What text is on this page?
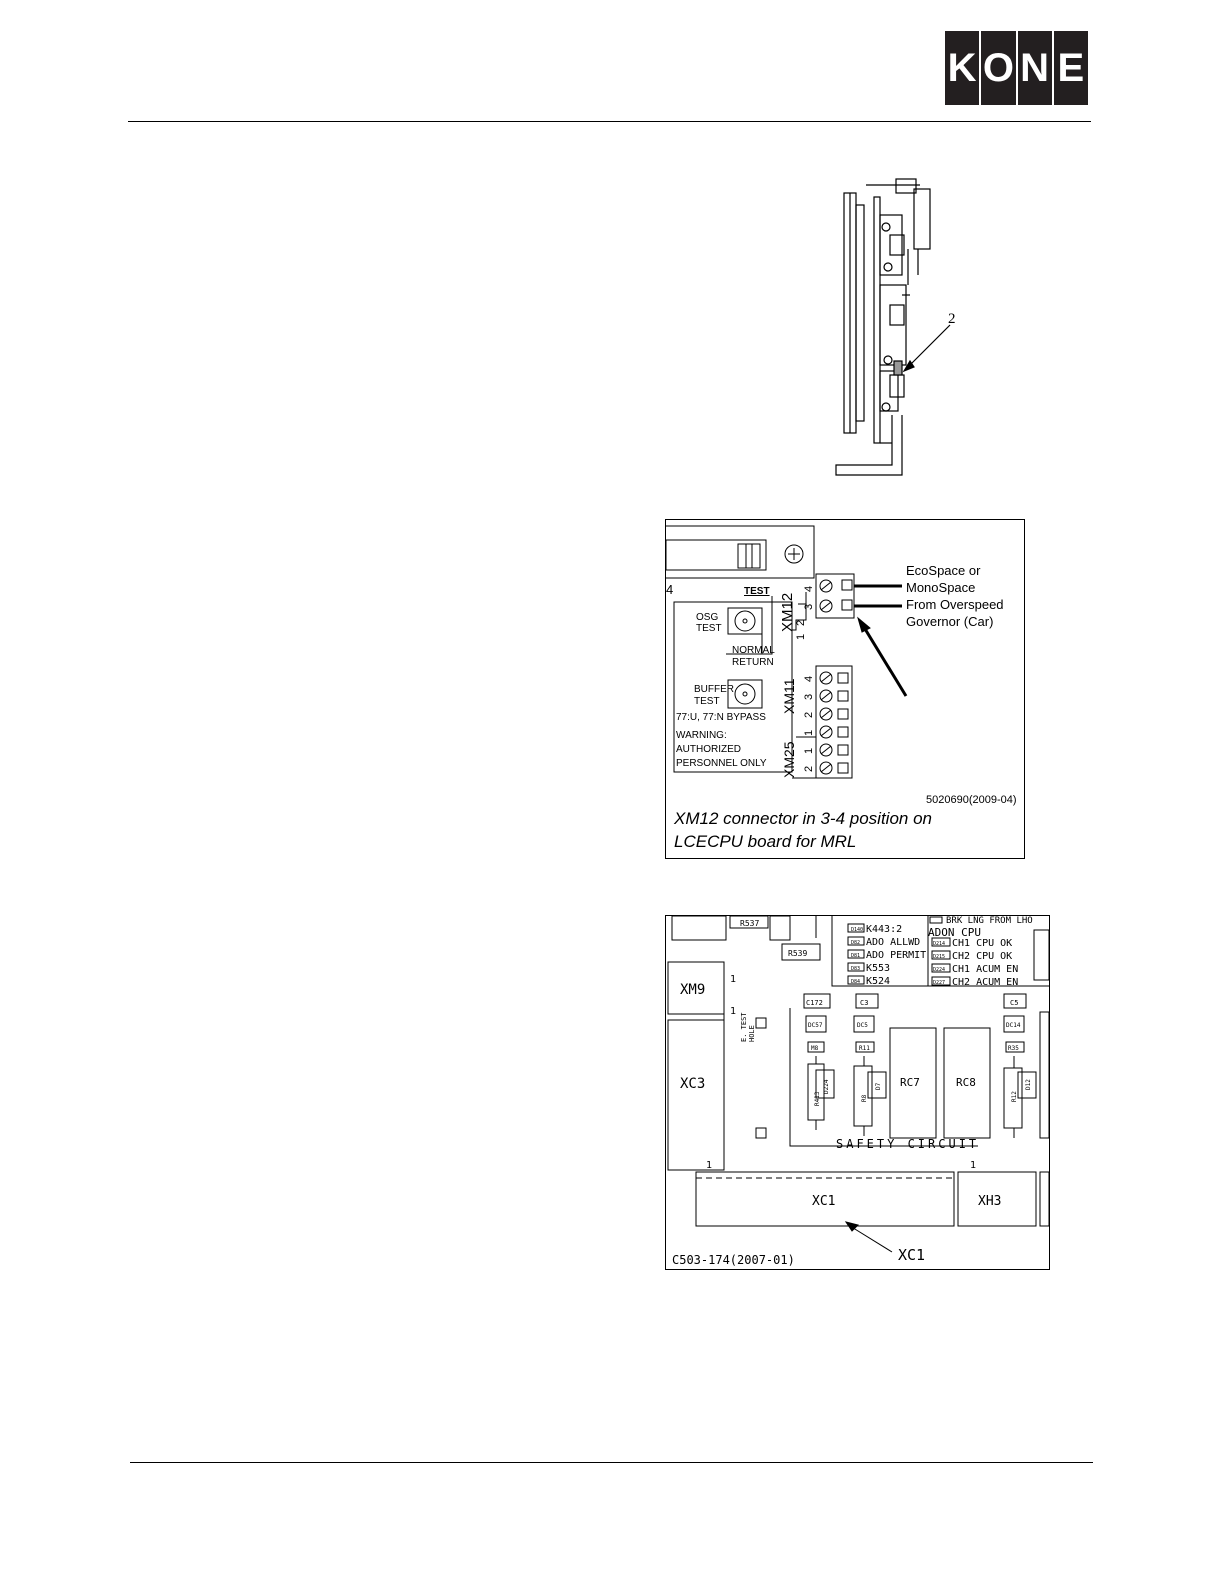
K O N E
2
4	TEST
OSG
TEST
NORMAL
RETURN
BUFFER
TEST
77:U, 77:N BYPASS
WARNING:
AUTHORIZED
PERSONNEL ONLY
XM12
XM11
XM25
4
3
2
1
4
3
2
1
1
2
EcoSpace or
MonoSpace
From Overspeed
Governor (Car)
5020690(2009-04)
XM12 connector in 3-4 position on
LCECPU board for MRL
R537
R539
D140
D82
D81
D83
D84
K443:2
ADO ALLWD
ADO PERMIT
K553
K524
BRK LNG FROM LHO
ADON CPU
D214
D215
D224
D227
CH1 CPU OK
CH2 CPU OK
CH1 ACUM EN
CH2 ACUM EN
XM9
1
1
XC3
E. TEST HOLE
C172	C3	C5
DC57
M8
R413
D224
DC5
R11
R8
D7
DC14
R35
R12
D12
RC7	RC8
SAFETY CIRCUIT
1	1
XC1	XH3
XC1
C503-174(2007-01)
